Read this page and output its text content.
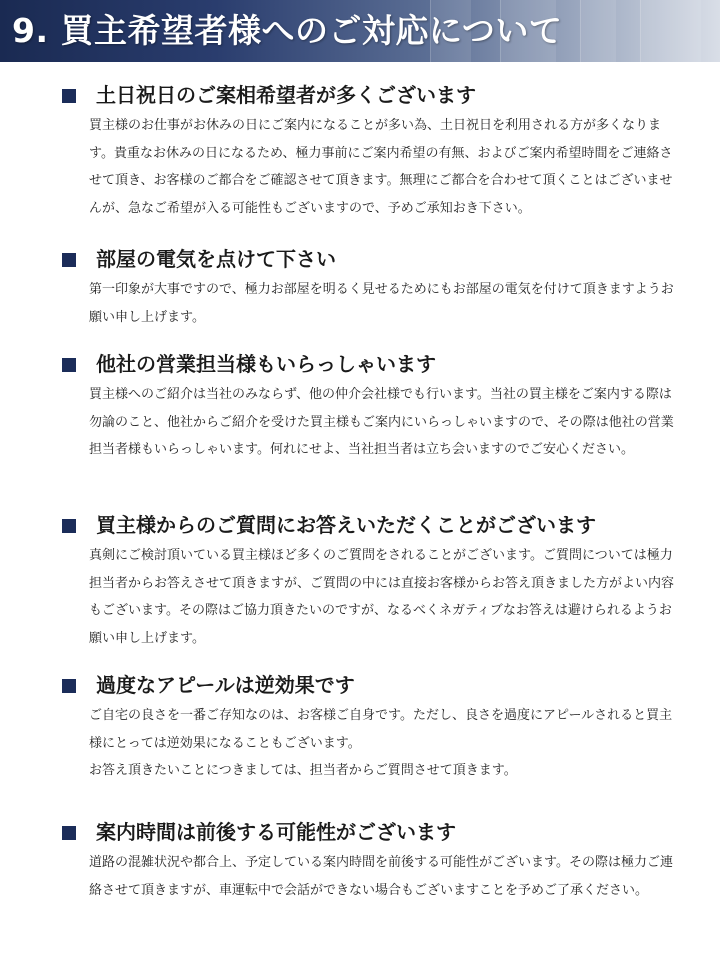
9. 買主希望者様へのご対応について
土日祝日のご案相希望者が多くございます

買主様のお仕事がお休みの日にご案内になることが多い為、土日祝日を利用される方が多くなります。貴重なお休みの日になるため、極力事前にご案内希望の有無、およびご案内希望時間をご連絡させて頂き、お客様のご都合をご確認させて頂きます。無理にご都合を合わせて頂くことはございませんが、急なご希望が入る可能性もございますので、予めご承知おき下さい。

部屋の電気を点けて下さい

第一印象が大事ですので、極力お部屋を明るく見せるためにもお部屋の電気を付けて頂きますようお願い申し上げます。

他社の営業担当様もいらっしゃいます

買主様へのご紹介は当社のみならず、他の仲介会社様でも行います。当社の買主様をご案内する際は勿論のこと、他社からご紹介を受けた買主様もご案内にいらっしゃいますので、その際は他社の営業担当者様もいらっしゃいます。何れにせよ、当社担当者は立ち会いますのでご安心ください。

買主様からのご質問にお答えいただくことがございます

真剣にご検討頂いている買主様ほど多くのご質問をされることがございます。ご質問については極力担当者からお答えさせて頂きますが、ご質問の中には直接お客様からお答え頂きました方がよい内容もございます。その際はご協力頂きたいのですが、なるべくネガティブなお答えは避けられるようお願い申し上げます。

過度なアピールは逆効果です

ご自宅の良さを一番ご存知なのは、お客様ご自身です。ただし、良さを過度にアピールされると買主様にとっては逆効果になることもございます。

お答え頂きたいことにつきましては、担当者からご質問させて頂きます。

案内時間は前後する可能性がございます

道路の混雑状況や都合上、予定している案内時間を前後する可能性がございます。その際は極力ご連絡させて頂きますが、車運転中で会話ができない場合もございますことを予めご了承ください。
